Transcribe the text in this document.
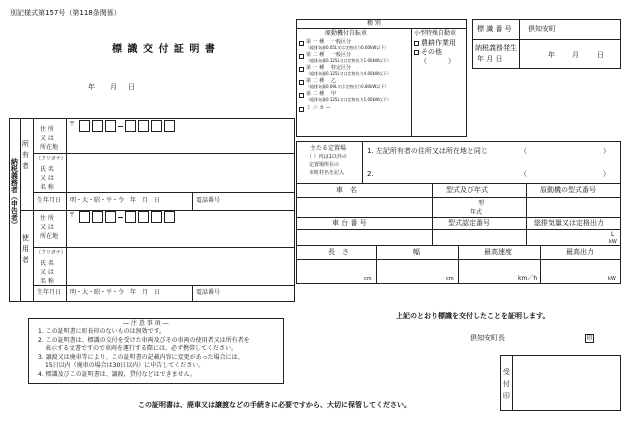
別記様式第157号（第118条関係）
標 識 交 付 証 明 書
年 月 日
種 別
原動機付自転車	小型特殊自動車
第 一 種 一般区分
（総排気量0.05L又は定格出力0.60kW以下）
第 二 種 一般区分
（総排気量0.125L又は定格出力1.00kW以下）
第 一 種 特定区分
（総排気量0.125L又は定格出力4.00kW以下）
第 二 種 乙
（総排気量0.09L又は定格出力0.80kW以下）
第 二 種 甲
（総排気量0.125L又は定格出力1.00kW以下）
ミ ニ カ ー
農耕作業用
その他
（　　　）
標 識 番 号 倶知安町
納税義務発生
年 月 日	年 月	日
納税義務者（申告者）
所有者
使用者
住 所
又 は
所在地
（フリガナ）
氏 名
又 は
名 称
生年月日 明・大・昭・平・令　年　月　日	電話番号
〒
住 所
又 は
所在地
（フリガナ）
氏 名
又 は
名 称
生年月日 明・大・昭・平・令　年　月　日	電話番号
〒
主たる定置場
（ ）内は1以外の
定置場所在の
市町村名を記入
1. 左記所有者の住所又は所在地と同じ	（	）
2.	（	）
車　名	型式及び年式	原動機の型式番号
型
年式
車 台 番 号	型式認定番号	総排気量又は定格出力
L
kW
長　さ	幅	最高速度	最高出力
cm	cm	km／h	kW
― 注 意 事 項 ―
1. この証明書に町長印のないものは無効です。
2. この証明書は、標識の交付を受けた車両及びその車両の使用者又は所有者を
表示する文書ですので車両を運行する際には、必ず携帯してください。
3. 譲渡又は廃車等により、この証明書の記載内容に変更があった場合には、
15日以内（廃車の場合は30日以内）に申告してください。
4. 標識及びこの証明書は、譲渡、貸付などはできません。
上記のとおり標識を交付したことを証明します。
倶知安町長	印
受付印
この証明書は、廃車又は譲渡などの手続きに必要ですから、大切に保管してください。
